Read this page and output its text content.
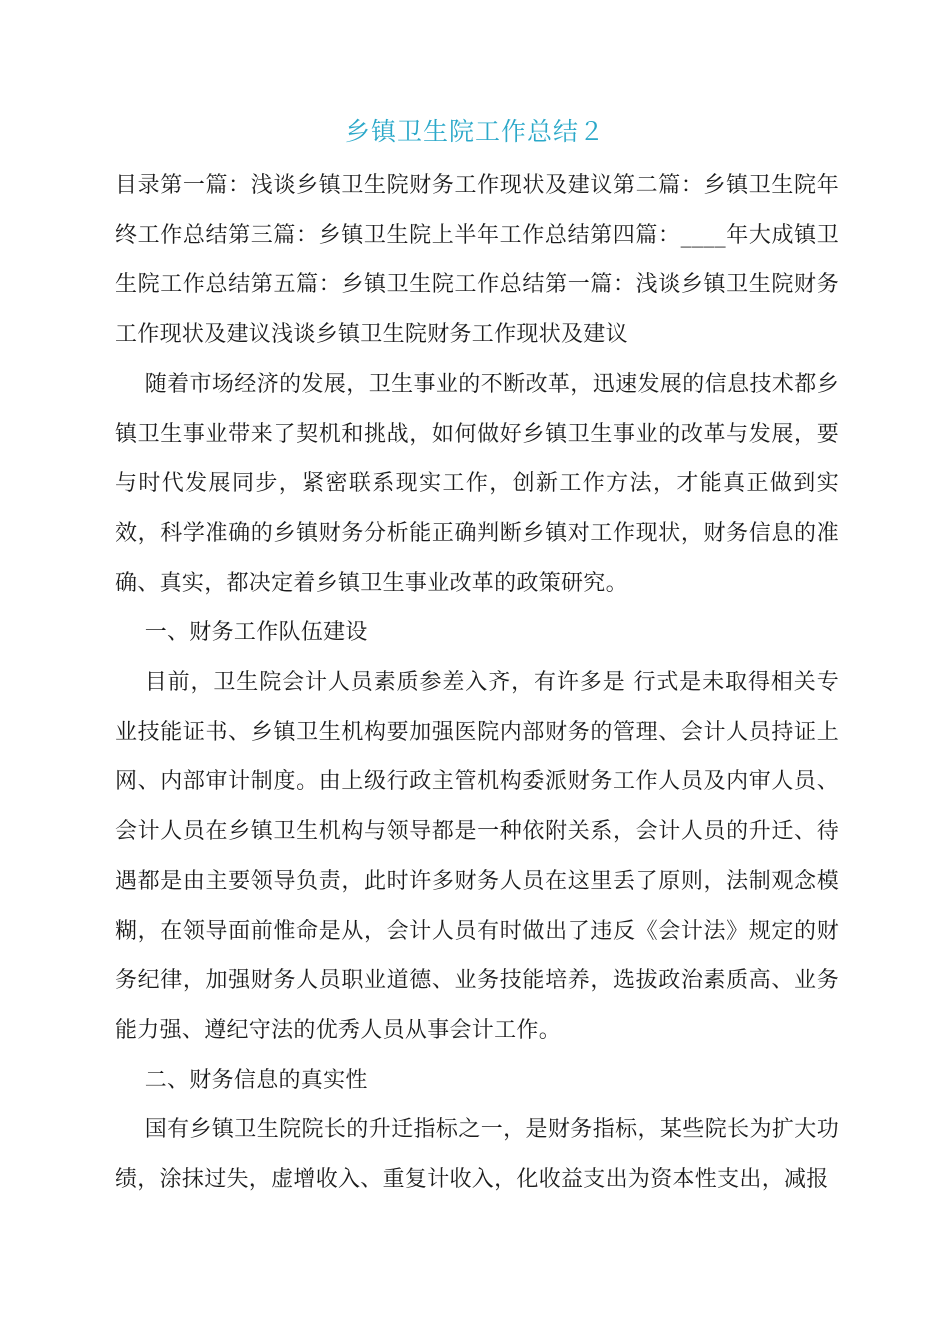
乡镇卫生院工作总结２

目录第一篇：浅谈乡镇卫生院财务工作现状及建议第二篇：乡镇卫生院年终工作总结第三篇：乡镇卫生院上半年工作总结第四篇：____年大成镇卫生院工作总结第五篇：乡镇卫生院工作总结第一篇：浅谈乡镇卫生院财务工作现状及建议浅谈乡镇卫生院财务工作现状及建议

随着市场经济的发展，卫生事业的不断改革，迅速发展的信息技术都乡镇卫生事业带来了契机和挑战，如何做好乡镇卫生事业的改革与发展，要与时代发展同步，紧密联系现实工作，创新工作方法，才能真正做到实效，科学准确的乡镇财务分析能正确判断乡镇对工作现状，财务信息的准确、真实，都决定着乡镇卫生事业改革的政策研究。

一、财务工作队伍建设

目前，卫生院会计人员素质参差入齐，有许多是 行式是未取得相关专业技能证书、乡镇卫生机构要加强医院内部财务的管理、会计人员持证上网、内部审计制度。由上级行政主管机构委派财务工作人员及内审人员、会计人员在乡镇卫生机构与领导都是一种依附关系，会计人员的升迁、待遇都是由主要领导负责，此时许多财务人员在这里丢了原则，法制观念模糊，在领导面前惟命是从，会计人员有时做出了违反《会计法》规定的财务纪律，加强财务人员职业道德、业务技能培养，选拔政治素质高、业务能力强、遵纪守法的优秀人员从事会计工作。

二、财务信息的真实性

国有乡镇卫生院院长的升迁指标之一，是财务指标，某些院长为扩大功绩，涂抹过失，虚增收入、重复计收入，化收益支出为资本性支出，减报
